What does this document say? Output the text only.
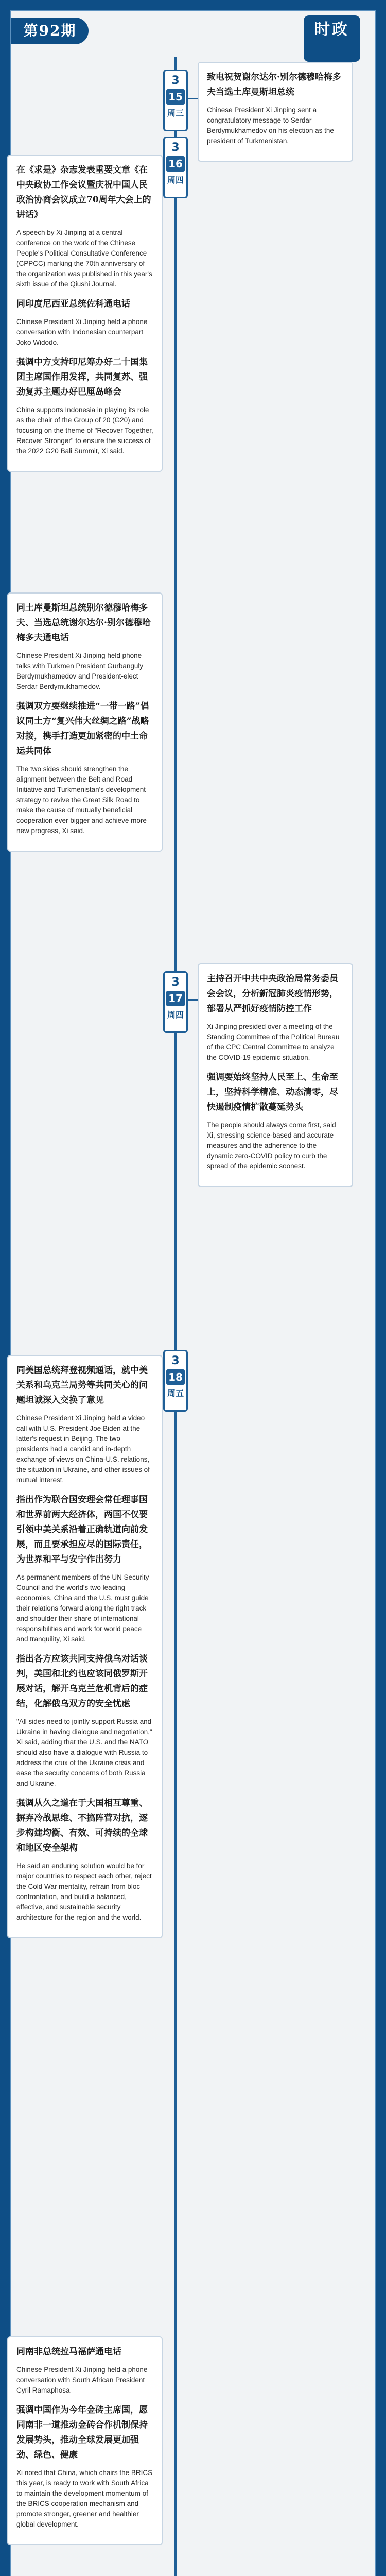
第92期	时政
3
15
周三

致电祝贺谢尔达尔·别尔德穆哈梅多夫当选土库曼斯坦总统

Chinese President Xi Jinping sent a congratulatory message to Serdar Berdymukhamedov on his election as the president of Turkmenistan.

3
16
周四

在《求是》杂志发表重要文章《在中央政协工作会议暨庆祝中国人民政治协商会议成立70周年大会上的讲话》

A speech by Xi Jinping at a central conference on the work of the Chinese People's Political Consultative Conference (CPPCC) marking the 70th anniversary of the organization was published in this year's sixth issue of the Qiushi Journal.

同印度尼西亚总统佐科通电话

Chinese President Xi Jinping held a phone conversation with Indonesian counterpart Joko Widodo.

强调中方支持印尼筹办好二十国集团主席国作用发挥，共同复苏、强劲复苏主题办好巴厘岛峰会

China supports Indonesia in playing its role as the chair of the Group of 20 (G20) and focusing on the theme of "Recover Together, Recover Stronger" to ensure the success of the 2022 G20 Bali Summit, Xi said.

同土库曼斯坦总统别尔德穆哈梅多夫、当选总统谢尔达尔·别尔德穆哈梅多夫通电话

Chinese President Xi Jinping held phone talks with Turkmen President Gurbanguly Berdymukhamedov and President-elect Serdar Berdymukhamedov.

强调双方要继续推进“一带一路”倡议同土方“复兴伟大丝绸之路”战略对接，携手打造更加紧密的中土命运共同体

The two sides should strengthen the alignment between the Belt and Road Initiative and Turkmenistan's development strategy to revive the Great Silk Road to make the cause of mutually beneficial cooperation ever bigger and achieve more new progress, Xi said.

3
17
周四

主持召开中共中央政治局常务委员会会议，分析新冠肺炎疫情形势，部署从严抓好疫情防控工作

Xi Jinping presided over a meeting of the Standing Committee of the Political Bureau of the CPC Central Committee to analyze the COVID-19 epidemic situation.

强调要始终坚持人民至上、生命至上，坚持科学精准、动态清零，尽快遏制疫情扩散蔓延势头

The people should always come first, said Xi, stressing science-based and accurate measures and the adherence to the dynamic zero-COVID policy to curb the spread of the epidemic soonest.

3
18
周五

同美国总统拜登视频通话，就中美关系和乌克兰局势等共同关心的问题坦诚深入交换了意见

Chinese President Xi Jinping held a video call with U.S. President Joe Biden at the latter's request in Beijing. The two presidents had a candid and in-depth exchange of views on China-U.S. relations, the situation in Ukraine, and other issues of mutual interest.

指出作为联合国安理会常任理事国和世界前两大经济体，两国不仅要引领中美关系沿着正确轨道向前发展，而且要承担应尽的国际责任，为世界和平与安宁作出努力

As permanent members of the UN Security Council and the world's two leading economies, China and the U.S. must guide their relations forward along the right track and shoulder their share of international responsibilities and work for world peace and tranquility, Xi said.

指出各方应该共同支持俄乌对话谈判，美国和北约也应该同俄罗斯开展对话，解开乌克兰危机背后的症结，化解俄乌双方的安全忧虑

"All sides need to jointly support Russia and Ukraine in having dialogue and negotiation," Xi said, adding that the U.S. and the NATO should also have a dialogue with Russia to address the crux of the Ukraine crisis and ease the security concerns of both Russia and Ukraine.

强调从久之道在于大国相互尊重、摒弃冷战思维、不搞阵营对抗，逐步构建均衡、有效、可持续的全球和地区安全架构

He said an enduring solution would be for major countries to respect each other, reject the Cold War mentality, refrain from bloc confrontation, and build a balanced, effective, and sustainable security architecture for the region and the world.

同南非总统拉马福萨通电话

Chinese President Xi Jinping held a phone conversation with South African President Cyril Ramaphosa.

强调中国作为今年金砖主席国，愿同南非一道推动金砖合作机制保持发展势头，推动全球发展更加强劲、绿色、健康

Xi noted that China, which chairs the BRICS this year, is ready to work with South Africa to maintain the development momentum of the BRICS cooperation mechanism and promote stronger, greener and healthier global development.
